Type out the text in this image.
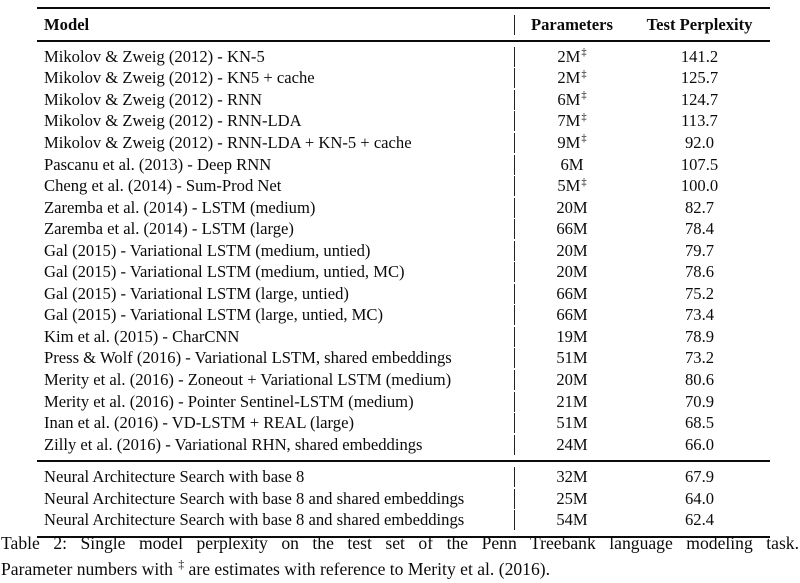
Model	Parameters	Test Perplexity
Mikolov & Zweig (2012) - KN-5	2M‡	141.2
Mikolov & Zweig (2012) - KN5 + cache	2M‡	125.7
Mikolov & Zweig (2012) - RNN	6M‡	124.7
Mikolov & Zweig (2012) - RNN-LDA	7M‡	113.7
Mikolov & Zweig (2012) - RNN-LDA + KN-5 + cache	9M‡	92.0
Pascanu et al. (2013) - Deep RNN	6M	107.5
Cheng et al. (2014) - Sum-Prod Net	5M‡	100.0
Zaremba et al. (2014) - LSTM (medium)	20M	82.7
Zaremba et al. (2014) - LSTM (large)	66M	78.4
Gal (2015) - Variational LSTM (medium, untied)	20M	79.7
Gal (2015) - Variational LSTM (medium, untied, MC)	20M	78.6
Gal (2015) - Variational LSTM (large, untied)	66M	75.2
Gal (2015) - Variational LSTM (large, untied, MC)	66M	73.4
Kim et al. (2015) - CharCNN	19M	78.9
Press & Wolf (2016) - Variational LSTM, shared embeddings	51M	73.2
Merity et al. (2016) - Zoneout + Variational LSTM (medium)	20M	80.6
Merity et al. (2016) - Pointer Sentinel-LSTM (medium)	21M	70.9
Inan et al. (2016) - VD-LSTM + REAL (large)	51M	68.5
Zilly et al. (2016) - Variational RHN, shared embeddings	24M	66.0
Neural Architecture Search with base 8	32M	67.9
Neural Architecture Search with base 8 and shared embeddings	25M	64.0
Neural Architecture Search with base 8 and shared embeddings	54M	62.4

Table 2: Single model perplexity on the test set of the Penn Treebank language modeling task.
Parameter numbers with ‡ are estimates with reference to Merity et al. (2016).
